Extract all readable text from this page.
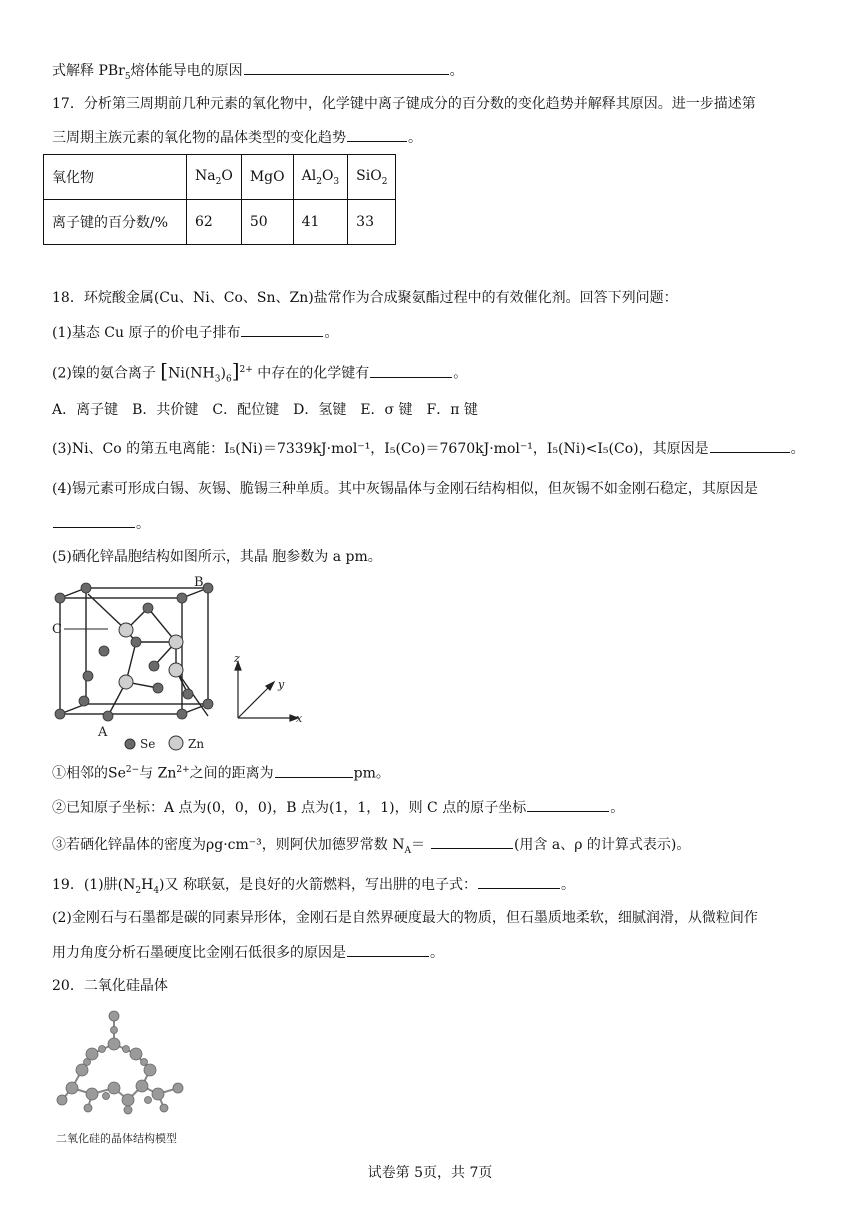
式解释 PBr$_5$熔体能导电的原因	。
17．分析第三周期前几种元素的氧化物中，化学键中离子键成分的百分数的变化趋势并解释其原因。进一步描述第
三周期主族元素的氧化物的晶体类型的变化趋势	。
氧化物	$Na_2O$	MgO	$Al_2O_3$	SiO$_2$
离子键的百分数/%	62	50	41	33
18．环烷酸金属(Cu、Ni、Co、Sn、Zn)盐常作为合成聚氨酯过程中的有效催化剂。回答下列问题：
(1)基态 Cu 原子的价电子排布	。
(2)镍的氨合离子 $[Ni(NH_3)_6]^{2+}$ 中存在的化学键有	。
A．离子键　B．共价键　C．配位键　D．氢键　E．σ 键　F．π 键
(3)Ni、Co 的第五电离能：I₅(Ni)＝7339kJ·mol⁻¹，I₅(Co)＝7670kJ·mol⁻¹，I₅(Ni)<I₅(Co)，其原因是	。
(4)锡元素可形成白锡、灰锡、脆锡三种单质。其中灰锡晶体与金刚石结构相似，但灰锡不如金刚石稳定，其原因是
。
(5)硒化锌晶胞结构如图所示，其晶 胞参数为 a pm。
z
y
x
B
C
A
Se	Zn
①相邻的$Se^{2-}$与 $Zn^{2+}$之间的距离为	pm。
②已知原子坐标：A 点为(0，0，0)，B 点为(1，1，1)，则 C 点的原子坐标	。
③若硒化锌晶体的密度为ρg·cm⁻³，则阿伏加德罗常数 $N_A=$	(用含 a、ρ 的计算式表示)。
19．(1)肼$(N_2H_4)$又 称联氨，是良好的火箭燃料，写出肼的电子式：	。
(2)金刚石与石墨都是碳的同素异形体，金刚石是自然界硬度最大的物质，但石墨质地柔软，细腻润滑，从微粒间作
用力角度分析石墨硬度比金刚石低很多的原因是	。
20．二氧化硅晶体
二氧化硅的晶体结构模型
试卷第 5页，共 7页
